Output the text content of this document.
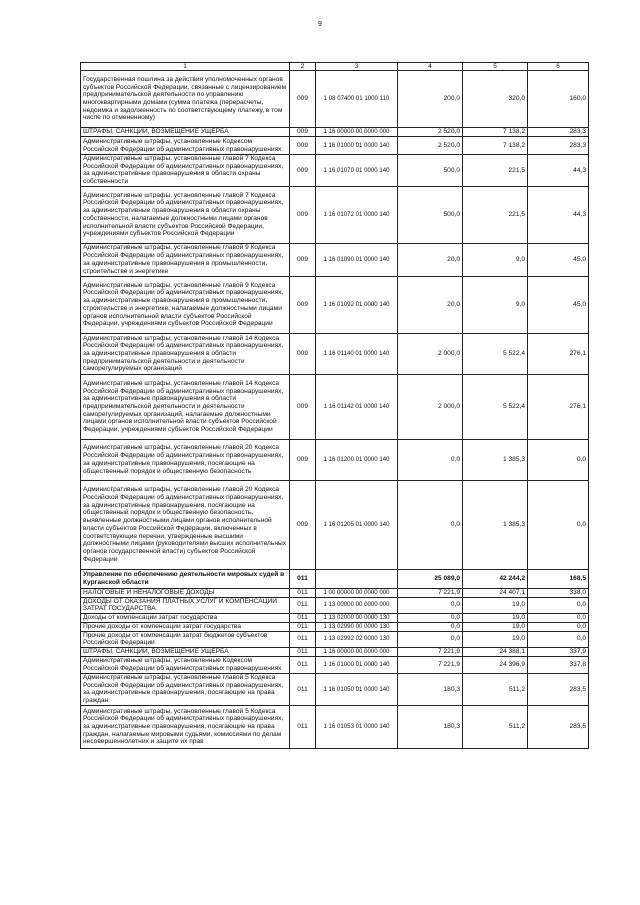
9
1	2	3	4	5	6
Государственная пошлина за действия уполномоченных органов субъектов Российской Федерации, связанные с лицензированием предпринимательской деятельности по управлению многоквартирными домами (сумма платежа (перерасчеты, недоимка и задолженность по соответствующему платежу, в том числе по отмененному)	009	1 08 07400 01 1000 110	200,0	320,0	160,0
ШТРАФЫ, САНКЦИИ, ВОЗМЕЩЕНИЕ УЩЕРБА	009	1 16 00000 00 0000 000	2 520,0	7 138,2	283,3
Административные штрафы, установленные Кодексом Российской Федерации об административных правонарушениях	009	1 16 01000 01 0000 140	2 520,0	7 138,2	283,3
Административные штрафы, установленные главой 7 Кодекса Российской Федерации об административных правонарушениях, за административные правонарушения в области охраны собственности	009	1 16 01070 01 0000 140	500,0	221,5	44,3
Административные штрафы, установленные главой 7 Кодекса Российской Федерации об административных правонарушениях, за административные правонарушения в области охраны собственности, налагаемые должностными лицами органов исполнительной власти субъектов Российской Федерации, учреждениями субъектов Российской Федерации	009	1 16 01072 01 0000 140	500,0	221,5	44,3
Административные штрафы, установленные главой 9 Кодекса Российской Федерации об административных правонарушениях, за административные правонарушения в промышленности, строительстве и энергетике	009	1 16 01090 01 0000 140	20,0	9,0	45,0
Административные штрафы, установленные главой 9 Кодекса Российской Федерации об административных правонарушениях, за административные правонарушения в промышленности, строительстве и энергетике, налагаемые должностными лицами органов исполнительной власти субъектов Российской Федерации, учреждениями субъектов Российской Федерации	009	1 16 01092 01 0000 140	20,0	9,0	45,0
Административные штрафы, установленные главой 14 Кодекса Российской Федерации об административных правонарушениях, за административные правонарушения в области предпринимательской деятельности и деятельности саморегулируемых организаций	009	1 16 01140 01 0000 140	2 000,0	5 522,4	276,1
Административные штрафы, установленные главой 14 Кодекса Российской Федерации об административных правонарушениях, за административные правонарушения в области предпринимательской деятельности и деятельности саморегулируемых организаций, налагаемые должностными лицами органов исполнительной власти субъектов Российской Федерации, учреждениями субъектов Российской Федерации	009	1 16 01142 01 0000 140	2 000,0	5 522,4	276,1
Административные штрафы, установленные главой 20 Кодекса Российской Федерации об административных правонарушениях, за административные правонарушения, посягающие на общественный порядок и общественную безопасность	009	1 16 01200 01 0000 140	0,0	1 385,3	0,0
Административные штрафы, установленные главой 20 Кодекса Российской Федерации об административных правонарушениях, за административные правонарушения, посягающие на общественный порядок и общественную безопасность, выявленные должностными лицами органов исполнительной власти субъектов Российской Федерации, включенных в соответствующие перечни, утвержденные высшими должностными лицами (руководителями высших исполнительных органов государственной власти) субъектов Российской Федерации	009	1 16 01205 01 0000 140	0,0	1 385,3	0,0
Управление по обеспечению деятельности мировых судей в Курганской области	011		25 089,0	42 244,2	168,5
НАЛОГОВЫЕ И НЕНАЛОГОВЫЕ ДОХОДЫ	011	1 00 00000 00 0000 000	7 221,9	24 407,1	338,0
ДОХОДЫ ОТ ОКАЗАНИЯ ПЛАТНЫХ УСЛУГ И КОМПЕНСАЦИИ ЗАТРАТ ГОСУДАРСТВА	011	1 13 00000 00 0000 000	0,0	19,0	0,0
Доходы от компенсации затрат государства	011	1 13 02000 00 0000 130	0,0	19,0	0,0
Прочие доходы от компенсации затрат государства	011	1 13 02990 00 0000 130	0,0	19,0	0,0
Прочие доходы от компенсации затрат бюджетов субъектов Российской Федерации	011	1 13 02992 02 0000 130	0,0	19,0	0,0
ШТРАФЫ, САНКЦИИ, ВОЗМЕЩЕНИЕ УЩЕРБА	011	1 16 00000 00 0000 000	7 221,9	24 388,1	337,9
Административные штрафы, установленные Кодексом Российской Федерации об административных правонарушениях	011	1 16 01000 01 0000 140	7 221,9	24 396,9	337,8
Административные штрафы, установленные главой 5 Кодекса Российской Федерации об административных правонарушениях, за административные правонарушения, посягающие на права граждан	011	1 16 01050 01 0000 140	180,3	511,2	283,5
Административные штрафы, установленные главой 5 Кодекса Российской Федерации об административных правонарушениях, за административные правонарушения, посягающие на права граждан, налагаемые мировыми судьями, комиссиями по делам несовершеннолетних и защите их прав	011	1 16 01053 01 0000 140	180,3	511,2	283,5
